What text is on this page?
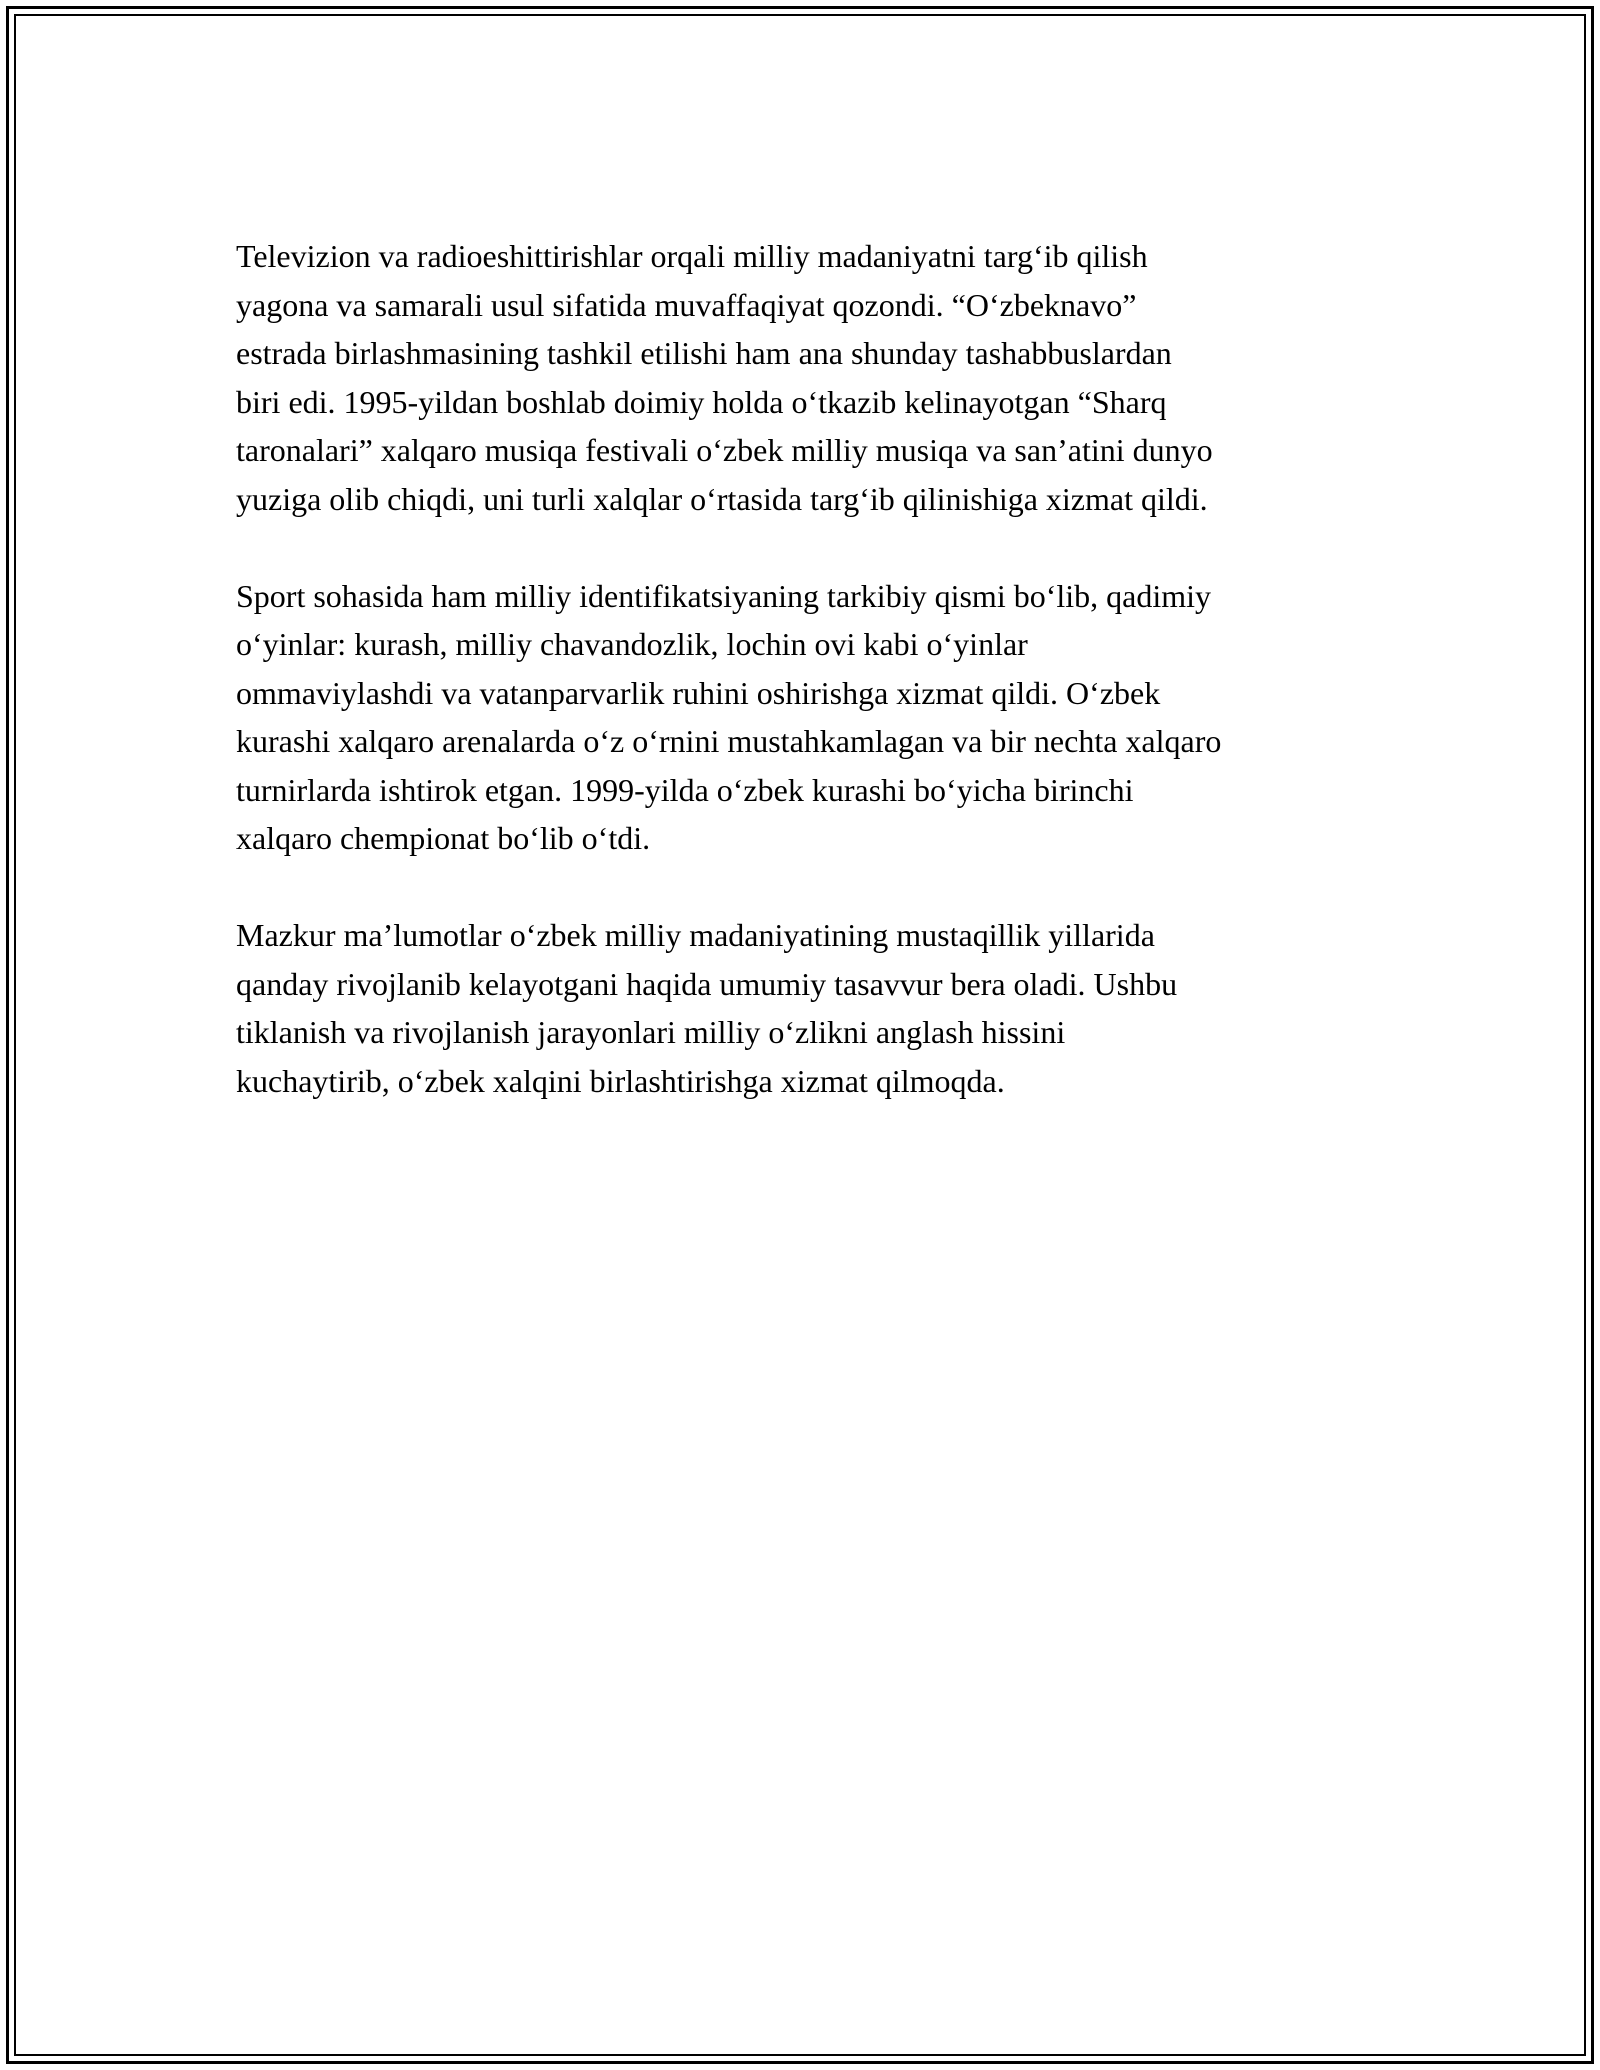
Televizion va radioeshittirishlar orqali milliy madaniyatni targ‘ib qilish
yagona va samarali usul sifatida muvaffaqiyat qozondi. “O‘zbeknavo”
estrada birlashmasining tashkil etilishi ham ana shunday tashabbuslardan
biri edi. 1995-yildan boshlab doimiy holda o‘tkazib kelinayotgan “Sharq
taronalari” xalqaro musiqa festivali o‘zbek milliy musiqa va san’atini dunyo
yuziga olib chiqdi, uni turli xalqlar o‘rtasida targ‘ib qilinishiga xizmat qildi.

Sport sohasida ham milliy identifikatsiyaning tarkibiy qismi bo‘lib, qadimiy
o‘yinlar: kurash, milliy chavandozlik, lochin ovi kabi o‘yinlar
ommaviylashdi va vatanparvarlik ruhini oshirishga xizmat qildi. O‘zbek
kurashi xalqaro arenalarda o‘z o‘rnini mustahkamlagan va bir nechta xalqaro
turnirlarda ishtirok etgan. 1999-yilda o‘zbek kurashi bo‘yicha birinchi
xalqaro chempionat bo‘lib o‘tdi.

Mazkur ma’lumotlar o‘zbek milliy madaniyatining mustaqillik yillarida
qanday rivojlanib kelayotgani haqida umumiy tasavvur bera oladi. Ushbu
tiklanish va rivojlanish jarayonlari milliy o‘zlikni anglash hissini
kuchaytirib, o‘zbek xalqini birlashtirishga xizmat qilmoqda.
